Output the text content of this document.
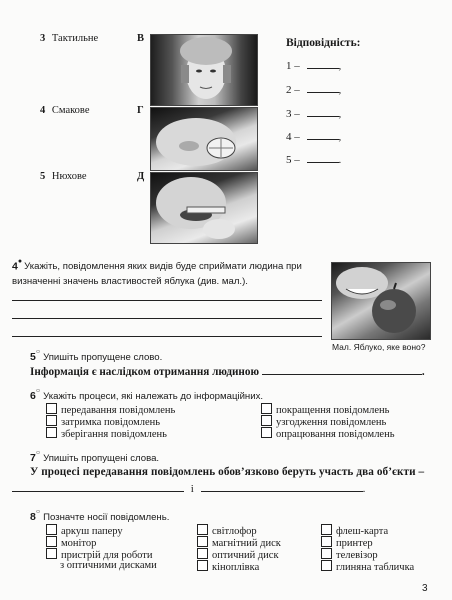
3 Тактильне	В
4 Смакове	Г
5 Нюхове	Д
Відповідність:
1 –	,
2 –	,
3 –	,
4 –	,
5 –	.
4● Укажіть, повідомлення яких видів буде сприймати людина при визначенні значень властивостей яблука (див. мал.).
Мал. Яблуко, яке воно?
5○ Упишіть пропущене слово.
Інформація є наслідком отримання людиною	.
6○ Укажіть процеси, які належать до інформаційних.
передавання повідомлень
затримка повідомлень
зберігання повідомлень
покращення повідомлень
узгодження повідомлень
опрацювання повідомлень
7○ Упишіть пропущені слова.
У процесі передавання повідомлень обов’язково беруть участь два об’єкти –
і	.
8○ Позначте носії повідомлень.
аркуш паперу
монітор
пристрій для роботи
з оптичними дисками
світлофор
магнітний диск
оптичний диск
кіноплівка
флеш-карта
принтер
телевізор
глиняна табличка
3
